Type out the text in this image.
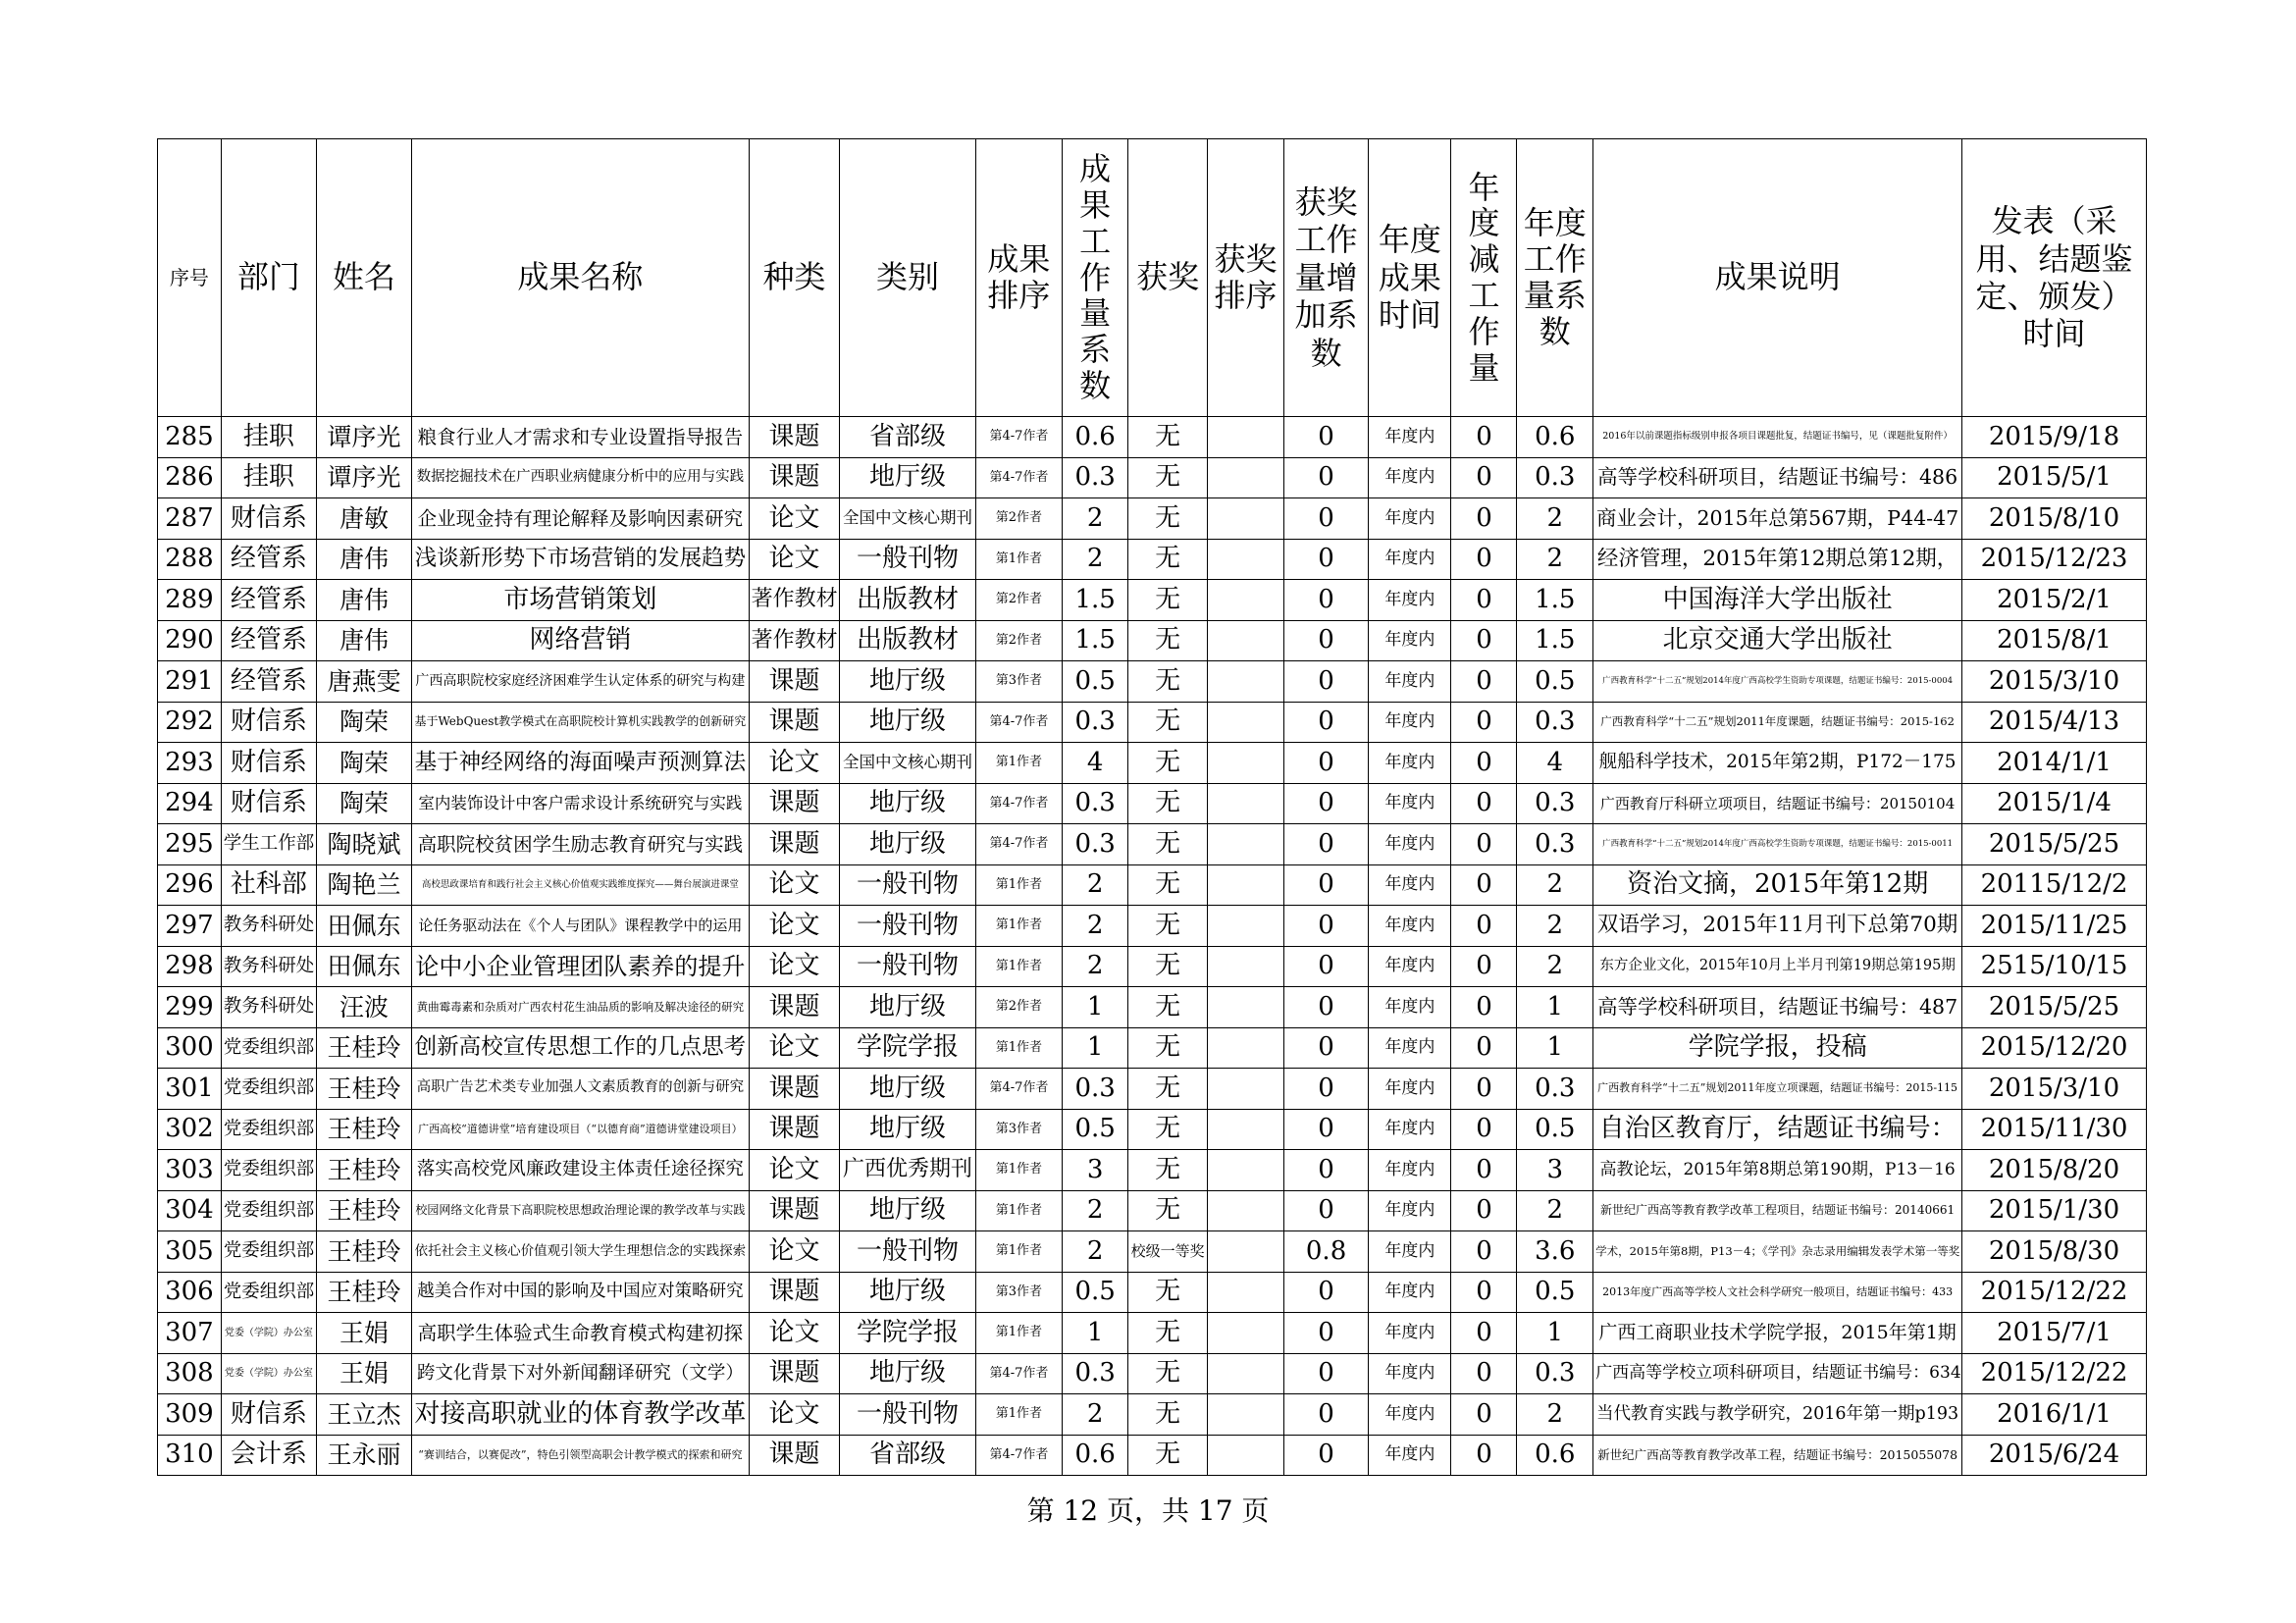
序号	部门	姓名	成果名称	种类	类别	成果排序	成果工作量系数	获奖	获奖排序	获奖工作量增加系数	年度成果时间	年度减工作量	年度工作量系数	成果说明	发表（采用、结题鉴定、颁发）时间
285	挂职	谭序光	粮食行业人才需求和专业设置指导报告	课题	省部级	第4-7作者	0.6	无		0	年度内	0	0.6	2016年以前课题指标级别申报各项目课题批复，结题证书编号，见（课题批复附件）	2015/9/18
286	挂职	谭序光	数据挖掘技术在广西职业病健康分析中的应用与实践	课题	地厅级	第4-7作者	0.3	无		0	年度内	0	0.3	高等学校科研项目，结题证书编号：486	2015/5/1
287	财信系	唐敏	企业现金持有理论解释及影响因素研究	论文	全国中文核心期刊	第2作者	2	无		0	年度内	0	2	商业会计，2015年总第567期，P44-47	2015/8/10
288	经管系	唐伟	浅谈新形势下市场营销的发展趋势	论文	一般刊物	第1作者	2	无		0	年度内	0	2	经济管理，2015年第12期总第12期，	2015/12/23
289	经管系	唐伟	市场营销策划	著作教材	出版教材	第2作者	1.5	无		0	年度内	0	1.5	中国海洋大学出版社	2015/2/1
290	经管系	唐伟	网络营销	著作教材	出版教材	第2作者	1.5	无		0	年度内	0	1.5	北京交通大学出版社	2015/8/1
291	经管系	唐燕雯	广西高职院校家庭经济困难学生认定体系的研究与构建	课题	地厅级	第3作者	0.5	无		0	年度内	0	0.5	广西教育科学“十二五”规划2014年度广西高校学生资助专项课题，结题证书编号：2015-0004	2015/3/10
292	财信系	陶荣	基于WebQuest教学模式在高职院校计算机实践教学的创新研究	课题	地厅级	第4-7作者	0.3	无		0	年度内	0	0.3	广西教育科学“十二五”规划2011年度课题，结题证书编号：2015-162	2015/4/13
293	财信系	陶荣	基于神经网络的海面噪声预测算法	论文	全国中文核心期刊	第1作者	4	无		0	年度内	0	4	舰船科学技术，2015年第2期，P172－175	2014/1/1
294	财信系	陶荣	室内装饰设计中客户需求设计系统研究与实践	课题	地厅级	第4-7作者	0.3	无		0	年度内	0	0.3	广西教育厅科研立项项目，结题证书编号：20150104	2015/1/4
295	学生工作部	陶晓斌	高职院校贫困学生励志教育研究与实践	课题	地厅级	第4-7作者	0.3	无		0	年度内	0	0.3	广西教育科学“十二五”规划2014年度广西高校学生资助专项课题，结题证书编号：2015-0011	2015/5/25
296	社科部	陶艳兰	高校思政课培育和践行社会主义核心价值观实践维度探究——舞台展演进课堂	论文	一般刊物	第1作者	2	无		0	年度内	0	2	资治文摘，2015年第12期	20115/12/2
297	教务科研处	田佩东	论任务驱动法在《个人与团队》课程教学中的运用	论文	一般刊物	第1作者	2	无		0	年度内	0	2	双语学习，2015年11月刊下总第70期	2015/11/25
298	教务科研处	田佩东	论中小企业管理团队素养的提升	论文	一般刊物	第1作者	2	无		0	年度内	0	2	东方企业文化，2015年10月上半月刊第19期总第195期	2515/10/15
299	教务科研处	汪波	黄曲霉毒素和杂质对广西农村花生油品质的影响及解决途径的研究	课题	地厅级	第2作者	1	无		0	年度内	0	1	高等学校科研项目，结题证书编号：487	2015/5/25
300	党委组织部	王桂玲	创新高校宣传思想工作的几点思考	论文	学院学报	第1作者	1	无		0	年度内	0	1	学院学报，投稿	2015/12/20
301	党委组织部	王桂玲	高职广告艺术类专业加强人文素质教育的创新与研究	课题	地厅级	第4-7作者	0.3	无		0	年度内	0	0.3	广西教育科学“十二五”规划2011年度立项课题，结题证书编号：2015-115	2015/3/10
302	党委组织部	王桂玲	广西高校“道德讲堂”培育建设项目（“以德育商”道德讲堂建设项目）	课题	地厅级	第3作者	0.5	无		0	年度内	0	0.5	自治区教育厅，结题证书编号：	2015/11/30
303	党委组织部	王桂玲	落实高校党风廉政建设主体责任途径探究	论文	广西优秀期刊	第1作者	3	无		0	年度内	0	3	高教论坛，2015年第8期总第190期，P13－16	2015/8/20
304	党委组织部	王桂玲	校园网络文化背景下高职院校思想政治理论课的教学改革与实践	课题	地厅级	第1作者	2	无		0	年度内	0	2	新世纪广西高等教育教学改革工程项目，结题证书编号：20140661	2015/1/30
305	党委组织部	王桂玲	依托社会主义核心价值观引领大学生理想信念的实践探索	论文	一般刊物	第1作者	2	校级一等奖		0.8	年度内	0	3.6	学术，2015年第8期，P13－4；《学刊》杂志录用编辑发表学术第一等奖	2015/8/30
306	党委组织部	王桂玲	越美合作对中国的影响及中国应对策略研究	课题	地厅级	第3作者	0.5	无		0	年度内	0	0.5	2013年度广西高等学校人文社会科学研究一般项目，结题证书编号：433	2015/12/22
307	党委（学院）办公室	王娟	高职学生体验式生命教育模式构建初探	论文	学院学报	第1作者	1	无		0	年度内	0	1	广西工商职业技术学院学报，2015年第1期	2015/7/1
308	党委（学院）办公室	王娟	跨文化背景下对外新闻翻译研究（文学）	课题	地厅级	第4-7作者	0.3	无		0	年度内	0	0.3	广西高等学校立项科研项目，结题证书编号：634	2015/12/22
309	财信系	王立杰	对接高职就业的体育教学改革	论文	一般刊物	第1作者	2	无		0	年度内	0	2	当代教育实践与教学研究，2016年第一期p193	2016/1/1
310	会计系	王永丽	“赛训结合，以赛促改”，特色引领型高职会计教学模式的探索和研究	课题	省部级	第4-7作者	0.6	无		0	年度内	0	0.6	新世纪广西高等教育教学改革工程，结题证书编号：2015055078	2015/6/24
第 12 页，共 17 页
